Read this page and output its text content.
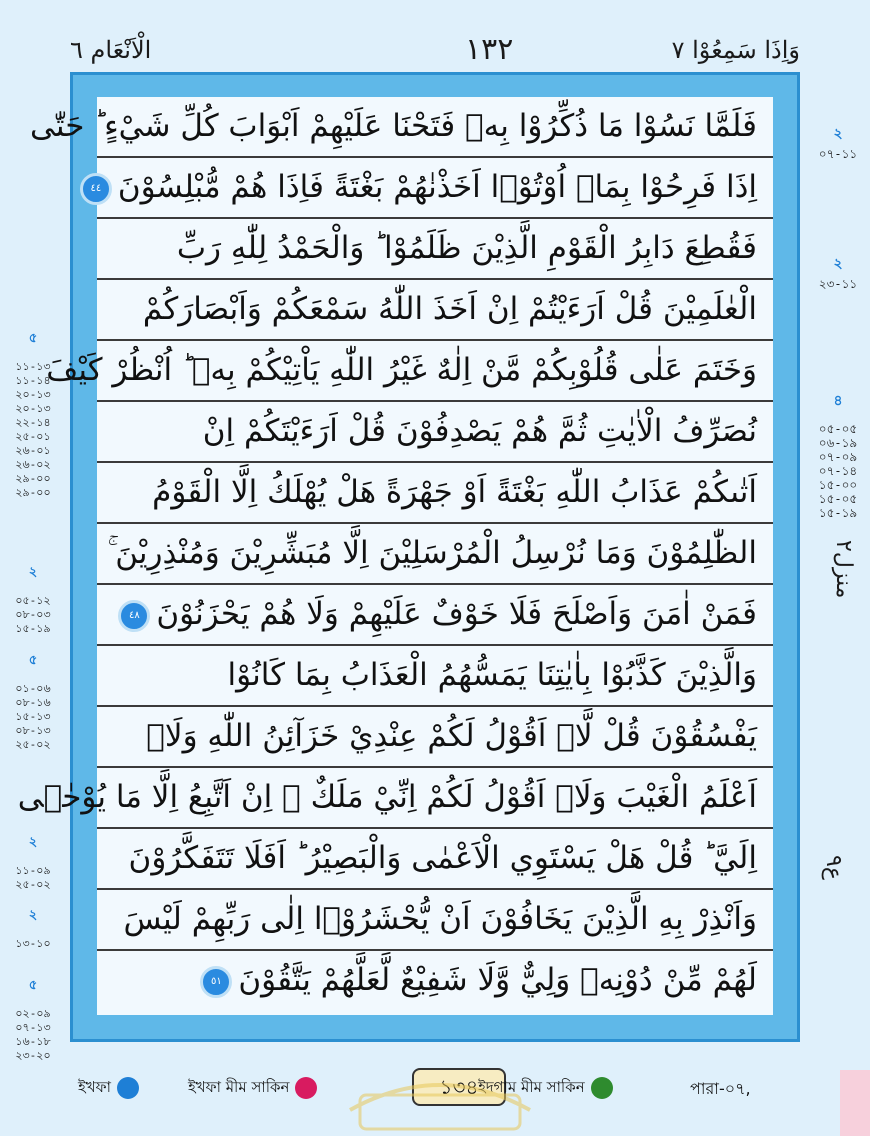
الْاَنْعَام ٦	١٣٢	وَاِذَا سَمِعُوْا ٧
فَلَمَّا نَسُوْا مَا ذُكِّرُوْا بِهٖ فَتَحْنَا عَلَيْهِمْ اَبْوَابَ كُلِّ شَيْءٍ ؕ حَتّٰى
اِذَا فَرِحُوْا بِمَاۤ اُوْتُوْۤا اَخَذْنٰهُمْ بَغْتَةً فَاِذَا هُمْ مُّبْلِسُوْنَ٤٤
فَقُطِعَ دَابِرُ الْقَوْمِ الَّذِيْنَ ظَلَمُوْا ؕ وَالْحَمْدُ لِلّٰهِ رَبِّ
الْعٰلَمِيْنَ قُلْ اَرَءَيْتُمْ اِنْ اَخَذَ اللّٰهُ سَمْعَكُمْ وَاَبْصَارَكُمْ
وَخَتَمَ عَلٰى قُلُوْبِكُمْ مَّنْ اِلٰهٌ غَيْرُ اللّٰهِ يَاْتِيْكُمْ بِهٖ ؕ اُنْظُرْ كَيْفَ
نُصَرِّفُ الْاٰيٰتِ ثُمَّ هُمْ يَصْدِفُوْنَ قُلْ اَرَءَيْتَكُمْ اِنْ
اَتٰىكُمْ عَذَابُ اللّٰهِ بَغْتَةً اَوْ جَهْرَةً هَلْ يُهْلَكُ اِلَّا الْقَوْمُ
الظّٰلِمُوْنَ وَمَا نُرْسِلُ الْمُرْسَلِيْنَ اِلَّا مُبَشِّرِيْنَ وَمُنْذِرِيْنَ ۚ
فَمَنْ اٰمَنَ وَاَصْلَحَ فَلَا خَوْفٌ عَلَيْهِمْ وَلَا هُمْ يَحْزَنُوْنَ٤٨
وَالَّذِيْنَ كَذَّبُوْا بِاٰيٰتِنَا يَمَسُّهُمُ الْعَذَابُ بِمَا كَانُوْا
يَفْسُقُوْنَ قُلْ لَّاۤ اَقُوْلُ لَكُمْ عِنْدِيْ خَزَآئِنُ اللّٰهِ وَلَاۤ
اَعْلَمُ الْغَيْبَ وَلَاۤ اَقُوْلُ لَكُمْ اِنِّيْ مَلَكٌ ۚ اِنْ اَتَّبِعُ اِلَّا مَا يُوْحٰۤى
اِلَيَّ ؕ قُلْ هَلْ يَسْتَوِي الْاَعْمٰى وَالْبَصِيْرُ ؕ اَفَلَا تَتَفَكَّرُوْنَ
وَاَنْذِرْ بِهِ الَّذِيْنَ يَخَافُوْنَ اَنْ يُّحْشَرُوْۤا اِلٰى رَبِّهِمْ لَيْسَ
لَهُمْ مِّنْ دُوْنِهٖ وَلِيٌّ وَّلَا شَفِيْعٌ لَّعَلَّهُمْ يَتَّقُوْنَ٥١
২
০৭-১১
২
২৩-১১

৪

০৫-০৫
০৬-১৯
০৭-০৯
০৭-১৪
১৫-০০
১৫-০৫
১৫-১৯

منزل٢
ع٩

৫

১১-১৩
১১-১৪
২০-১৩
২০-১৩
২২-১৪
২৫-০১
২৬-০১
২৬-০২
২৯-০০
২৯-০০

২

০৫-১২
০৮-০৩
১৫-১৯

৫

০১-০৬
০৮-১৬
১৫-১৩
০৮-১৩
২৫-০২

২

১১-০৯
২৫-০২

২

১৩-১০

৫

০২-০৯
০৭-১৩
১৬-১৮
২৩-২০

ইখফা	ইখফা মীম সাকিন	১৩৪ ইদগাম মীম সাকিন	পারা-০৭,
